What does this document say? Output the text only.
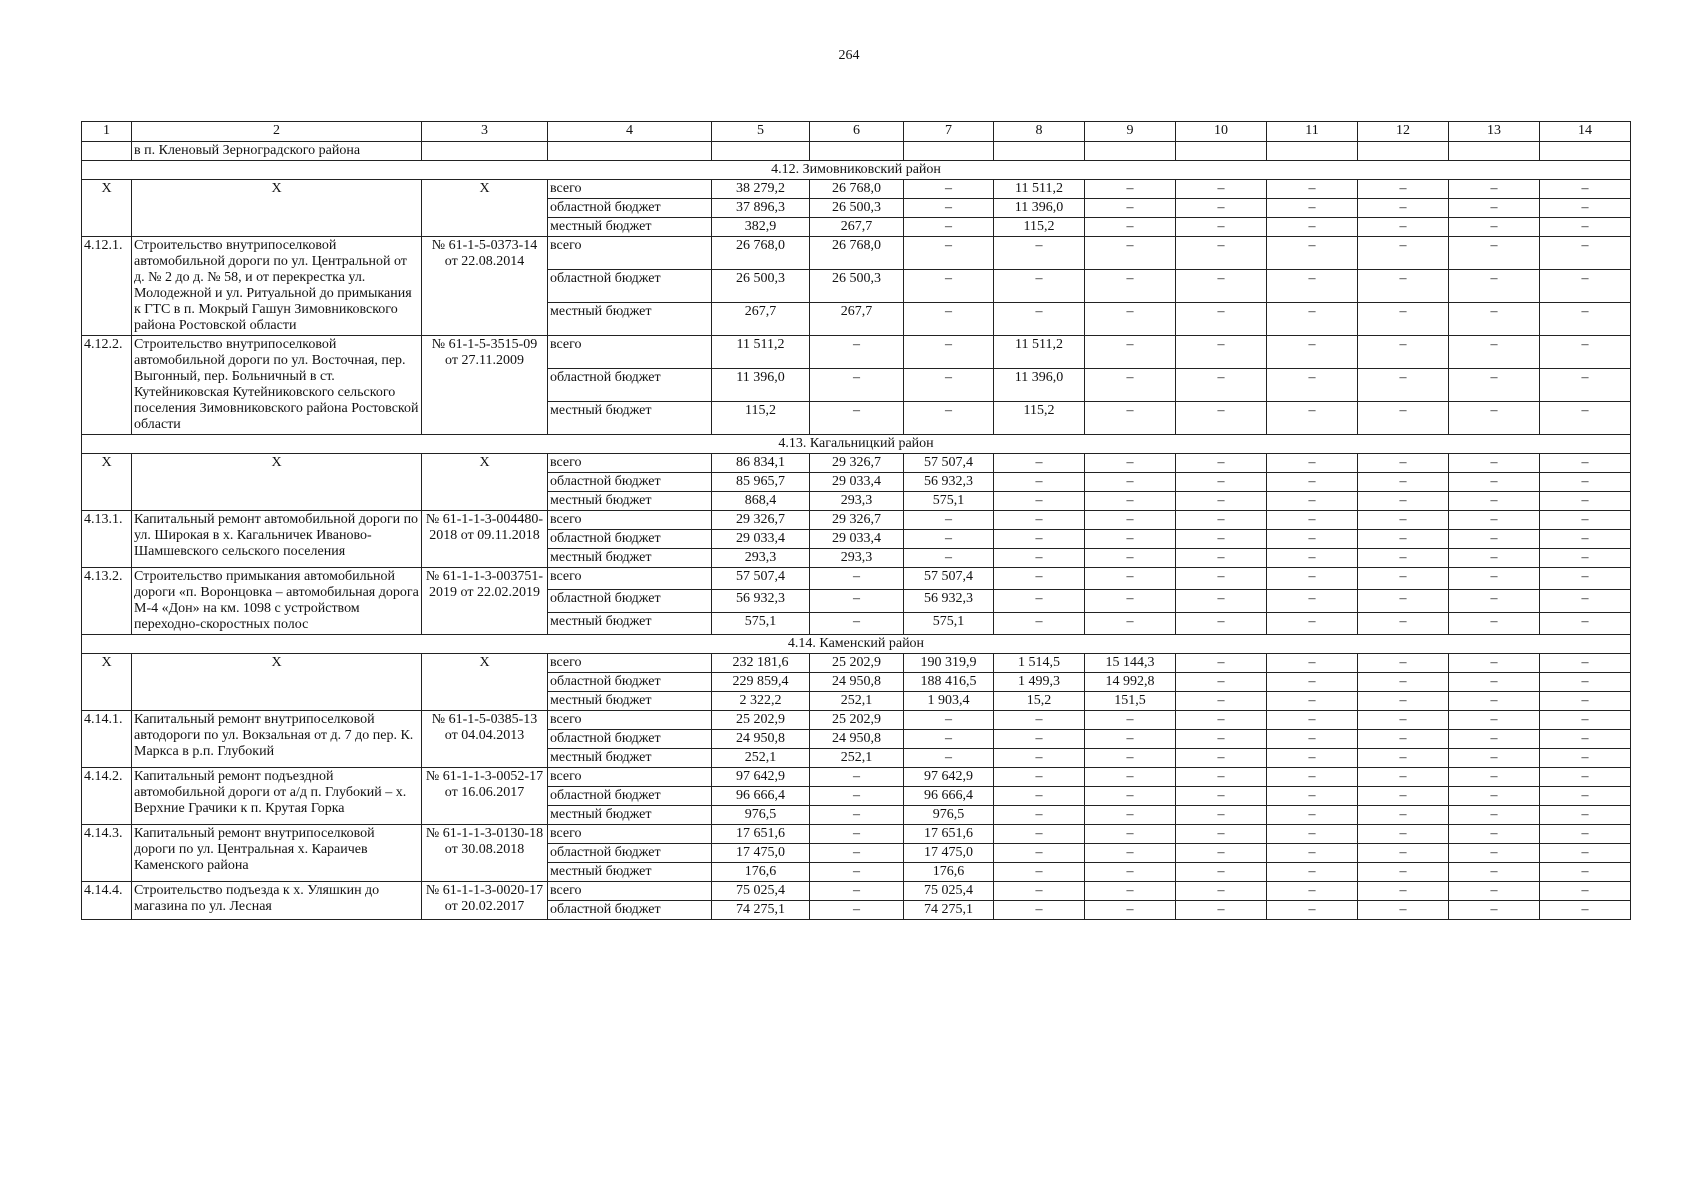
264
1	2	3	4	5	6	7	8	9	10	11	12	13	14
	в п. Кленовый Зерноградского района												
4.12. Зимовниковский район													
Х	Х	Х	всего	38 279,2	26 768,0	–	11 511,2	–	–	–	–	–	–
			областной бюджет	37 896,3	26 500,3	–	11 396,0	–	–	–	–	–	–
			местный бюджет	382,9	267,7	–	115,2	–	–	–	–	–	–
4.12.1.	Строительство внутрипоселковой автомобильной дороги по ул. Центральной от д. № 2 до д. № 58, и от перекрестка ул. Молодежной и ул. Ритуальной до примыкания к ГТС в п. Мокрый Гашун Зимовниковского района Ростовской области	№ 61-1-5-0373-14 от 22.08.2014	всего	26 768,0	26 768,0	–	–	–	–	–	–	–	–
			областной бюджет	26 500,3	26 500,3	–	–	–	–	–	–	–	–
			местный бюджет	267,7	267,7	–	–	–	–	–	–	–	–
4.12.2.	Строительство внутрипоселковой автомобильной дороги по ул. Восточная, пер. Выгонный, пер. Больничный в ст. Кутейниковская Кутейниковского сельского поселения Зимовниковского района Ростовской области	№ 61-1-5-3515-09 от 27.11.2009	всего	11 511,2	–	–	11 511,2	–	–	–	–	–	–
			областной бюджет	11 396,0	–	–	11 396,0	–	–	–	–	–	–
			местный бюджет	115,2	–	–	115,2	–	–	–	–	–	–
4.13. Кагальницкий район													
Х	Х	Х	всего	86 834,1	29 326,7	57 507,4	–	–	–	–	–	–	–
			областной бюджет	85 965,7	29 033,4	56 932,3	–	–	–	–	–	–	–
			местный бюджет	868,4	293,3	575,1	–	–	–	–	–	–	–
4.13.1.	Капитальный ремонт автомобильной дороги по ул. Широкая в х. Кагальничек Иваново-Шамшевского сельского поселения	№ 61-1-1-3-004480-2018 от 09.11.2018	всего	29 326,7	29 326,7	–	–	–	–	–	–	–	–
			областной бюджет	29 033,4	29 033,4	–	–	–	–	–	–	–	–
			местный бюджет	293,3	293,3	–	–	–	–	–	–	–	–
4.13.2.	Строительство примыкания автомобильной дороги «п. Воронцовка – автомобильная дорога М-4 «Дон» на км. 1098 с устройством переходно-скоростных полос	№ 61-1-1-3-003751-2019 от 22.02.2019	всего	57 507,4	–	57 507,4	–	–	–	–	–	–	–
			областной бюджет	56 932,3	–	56 932,3	–	–	–	–	–	–	–
			местный бюджет	575,1	–	575,1	–	–	–	–	–	–	–
4.14. Каменский район													
Х	Х	Х	всего	232 181,6	25 202,9	190 319,9	1 514,5	15 144,3	–	–	–	–	–
			областной бюджет	229 859,4	24 950,8	188 416,5	1 499,3	14 992,8	–	–	–	–	–
			местный бюджет	2 322,2	252,1	1 903,4	15,2	151,5	–	–	–	–	–
4.14.1.	Капитальный ремонт внутрипоселковой автодороги по ул. Вокзальная от д. 7 до пер. К. Маркса в р.п. Глубокий	№ 61-1-5-0385-13 от 04.04.2013	всего	25 202,9	25 202,9	–	–	–	–	–	–	–	–
			областной бюджет	24 950,8	24 950,8	–	–	–	–	–	–	–	–
			местный бюджет	252,1	252,1	–	–	–	–	–	–	–	–
4.14.2.	Капитальный ремонт подъездной автомобильной дороги от а/д п. Глубокий – х. Верхние Грачики к п. Крутая Горка	№ 61-1-1-3-0052-17 от 16.06.2017	всего	97 642,9	–	97 642,9	–	–	–	–	–	–	–
			областной бюджет	96 666,4	–	96 666,4	–	–	–	–	–	–	–
			местный бюджет	976,5	–	976,5	–	–	–	–	–	–	–
4.14.3.	Капитальный ремонт внутрипоселковой дороги по ул. Центральная х. Караичев Каменского района	№ 61-1-1-3-0130-18 от 30.08.2018	всего	17 651,6	–	17 651,6	–	–	–	–	–	–	–
			областной бюджет	17 475,0	–	17 475,0	–	–	–	–	–	–	–
			местный бюджет	176,6	–	176,6	–	–	–	–	–	–	–
4.14.4.	Строительство подъезда к х. Уляшкин до магазина по ул. Лесная	№ 61-1-1-3-0020-17 от 20.02.2017	всего	75 025,4	–	75 025,4	–	–	–	–	–	–	–
			областной бюджет	74 275,1	–	74 275,1	–	–	–	–	–	–	–
